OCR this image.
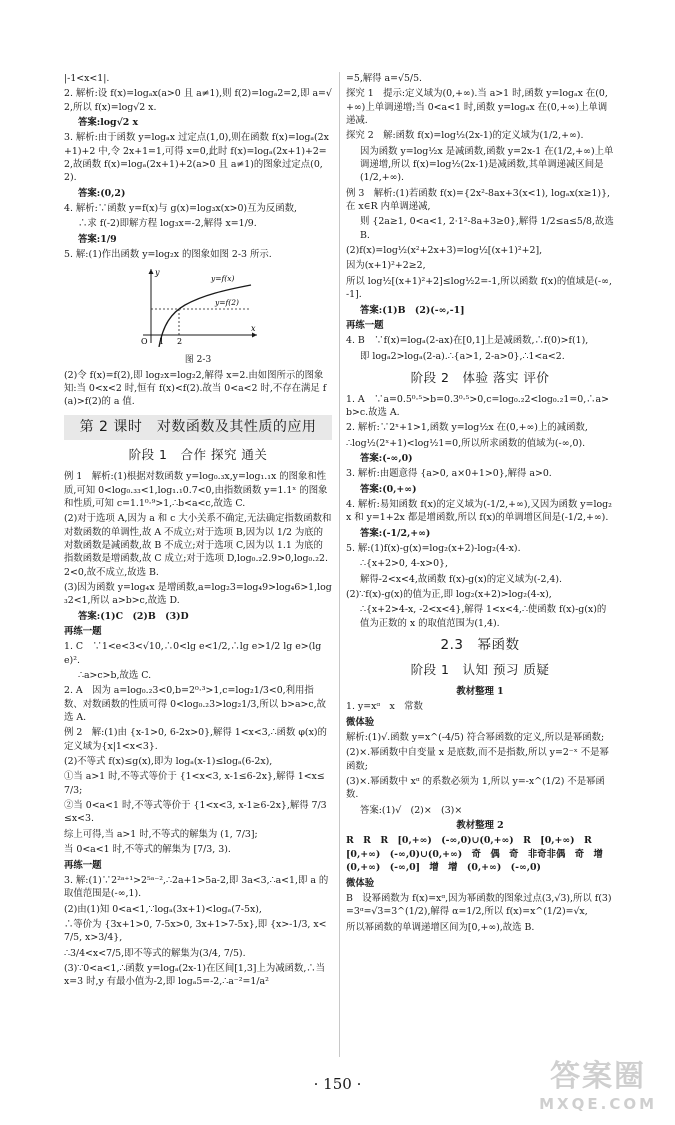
|-1<x<1|.

2. 解析:设 f(x)=logₐx(a>0 且 a≠1),则 f(2)=logₐ2=2,即 a=√2,所以 f(x)=log√2 x.

答案:log√2 x

3. 解析:由于函数 y=logₐx 过定点(1,0),则在函数 f(x)=logₐ(2x+1)+2 中,令 2x+1=1,可得 x=0,此时 f(x)=logₐ(2x+1)+2=2,故函数 f(x)=logₐ(2x+1)+2(a>0 且 a≠1)的图象过定点(0,2).

答案:(0,2)

4. 解析:∵函数 y=f(x)与 g(x)=log₃x(x>0)互为反函数,

∴求 f(-2)即解方程 log₃x=-2,解得 x=1/9.

答案:1/9

5. 解:(1)作出函数 y=log₂x 的图象如图 2-3 所示.

y
x
O 1 2
y=f(x)
y=f(2)

图 2-3

(2)令 f(x)=f(2),即 log₂x=log₂2,解得 x=2.由如图所示的图象知:当 0<x<2 时,恒有 f(x)<f(2).故当 0<a<2 时,不存在满足 f(a)>f(2)的 a 值.

第 2 课时　对数函数及其性质的应用
阶段 1　合作 探究 通关

例 1　解析:(1)根据对数函数 y=log₀.₃x,y=log₁.₁x 的图象和性质,可知 0<log₀.₃₃<1,log₁.₁0.7<0,由指数函数 y=1.1ˣ 的图象和性质,可知 c=1.1⁰·⁹>1,∴b<a<c,故选 C.

(2)对于选项 A,因为 a 和 c 大小关系不确定,无法确定指数函数和对数函数的单调性,故 A 不成立;对于选项 B,因为以 1/2 为底的对数函数是减函数,故 B 不成立;对于选项 C,因为以 1.1 为底的指数函数是增函数,故 C 成立;对于选项 D,log₀.₂2.9>0,log₀.₂2.2<0,故不成立,故选 B.

(3)因为函数 y=log₄x 是增函数,a=log₂3=log₄9>log₄6>1,log₃2<1,所以 a>b>c,故选 D.

答案:(1)C　(2)B　(3)D

再练一题

1. C　∵1<e<3<√10,∴0<lg e<1/2,∴lg e>1/2 lg e>(lg e)².

∴a>c>b,故选 C.

2. A　因为 a=log₀.₂3<0,b=2⁰·³>1,c=log₂1/3<0,利用指数、对数函数的性质可得 0<log₀.₂3>log₂1/3,所以 b>a>c,故选 A.

例 2　解:(1)由 {x-1>0, 6-2x>0},解得 1<x<3,∴函数 φ(x)的定义域为{x|1<x<3}.

(2)不等式 f(x)≤g(x),即为 logₐ(x-1)≤logₐ(6-2x),

①当 a>1 时,不等式等价于 {1<x<3, x-1≤6-2x},解得 1<x≤7/3;

②当 0<a<1 时,不等式等价于 {1<x<3, x-1≥6-2x},解得 7/3≤x<3.

综上可得,当 a>1 时,不等式的解集为 (1, 7/3];

当 0<a<1 时,不等式的解集为 [7/3, 3).

再练一题

3. 解:(1)∵2²ᵃ⁺¹>2⁵ᵃ⁻²,∴2a+1>5a-2,即 3a<3,∴a<1,即 a 的取值范围是(-∞,1).

(2)由(1)知 0<a<1,∵logₐ(3x+1)<logₐ(7-5x),

∴等价为 {3x+1>0, 7-5x>0, 3x+1>7-5x},即 {x>-1/3, x<7/5, x>3/4},

∴3/4<x<7/5,即不等式的解集为(3/4, 7/5).

(3)∵0<a<1,∴函数 y=logₐ(2x-1)在区间[1,3]上为减函数,∴当 x=3 时,y 有最小值为-2,即 logₐ5=-2,∴a⁻²=1/a²

=5,解得 a=√5/5.

探究 1　提示:定义域为(0,+∞).当 a>1 时,函数 y=logₐx 在(0,+∞)上单调递增;当 0<a<1 时,函数 y=logₐx 在(0,+∞)上单调递减.

探究 2　解:函数 f(x)=log½(2x-1)的定义域为(1/2,+∞).

因为函数 y=log½x 是减函数,函数 y=2x-1 在(1/2,+∞)上单调递增,所以 f(x)=log½(2x-1)是减函数,其单调递减区间是(1/2,+∞).

例 3　解析:(1)若函数 f(x)={2x²-8ax+3(x<1), logₐx(x≥1)},在 x∈R 内单调递减,

则 {2a≥1, 0<a<1, 2·1²-8a+3≥0},解得 1/2≤a≤5/8,故选 B.

(2)f(x)=log½(x²+2x+3)=log½[(x+1)²+2],

因为(x+1)²+2≥2,

所以 log½[(x+1)²+2]≤log½2=-1,所以函数 f(x)的值域是(-∞,-1].

答案:(1)B　(2)(-∞,-1]

再练一题

4. B　∵f(x)=logₐ(2-ax)在[0,1]上是减函数,∴f(0)>f(1),

即 logₐ2>logₐ(2-a).∴{a>1, 2-a>0},∴1<a<2.

阶段 2　体验 落实 评价

1. A　∵a=0.5⁰·⁵>b=0.3⁰·⁵>0,c=log₀.₂2<log₀.₂1=0,∴a>b>c.故选 A.

2. 解析:∵2ˣ+1>1,函数 y=log½x 在(0,+∞)上的减函数,

∴log½(2ˣ+1)<log½1=0,所以所求函数的值域为(-∞,0).

答案:(-∞,0)

3. 解析:由题意得 {a>0, a×0+1>0},解得 a>0.

答案:(0,+∞)

4. 解析:易知函数 f(x)的定义域为(-1/2,+∞),又因为函数 y=log₂x 和 y=1+2x 都是增函数,所以 f(x)的单调增区间是(-1/2,+∞).

答案:(-1/2,+∞)

5. 解:(1)f(x)-g(x)=log₂(x+2)-log₂(4-x).

∴{x+2>0, 4-x>0},

解得-2<x<4,故函数 f(x)-g(x)的定义域为(-2,4).

(2)∵f(x)-g(x)的值为正,即 log₂(x+2)>log₂(4-x),

∴{x+2>4-x, -2<x<4},解得 1<x<4,∴使函数 f(x)-g(x)的值为正数的 x 的取值范围为(1,4).

2.3　幂函数
阶段 1　认知 预习 质疑

教材整理 1

1. y=xᵅ　x　常数

微体验

解析:(1)√.函数 y=x^(-4/5) 符合幂函数的定义,所以是幂函数;

(2)×.幂函数中自变量 x 是底数,而不是指数,所以 y=2⁻ˣ 不是幂函数;

(3)×.幂函数中 xᵅ 的系数必须为 1,所以 y=-x^(1/2) 不是幂函数.

答案:(1)√　(2)×　(3)×

教材整理 2

R　R　R　[0,+∞)　(-∞,0)∪(0,+∞)　R　[0,+∞)　R　[0,+∞)　(-∞,0)∪(0,+∞)　奇　偶　奇　非奇非偶　奇　增　(0,+∞)　(-∞,0]　增　增　(0,+∞)　(-∞,0)

微体验

B　设幂函数为 f(x)=xᵅ,因为幂函数的图象过点(3,√3),所以 f(3)=3ᵅ=√3=3^(1/2),解得 α=1/2,所以 f(x)=x^(1/2)=√x,

所以幂函数的单调递增区间为[0,+∞),故选 B.

· 150 ·	答案圈
MXQE.COM
